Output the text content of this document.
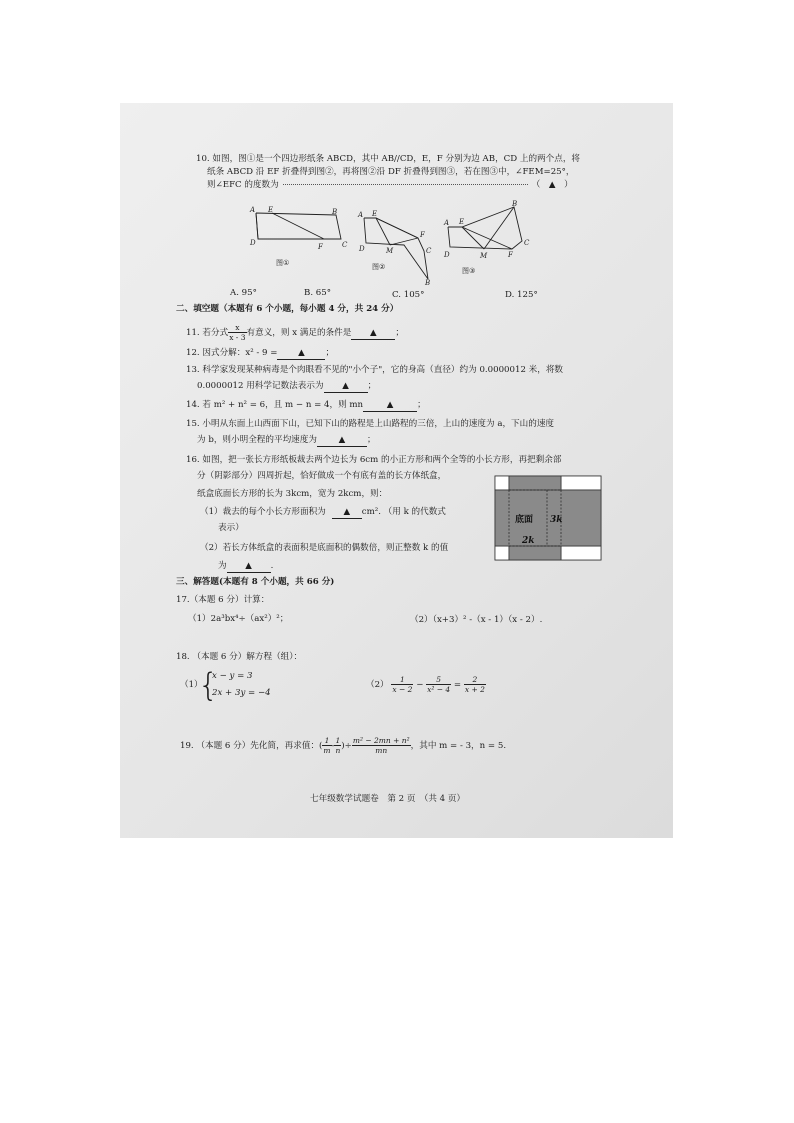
10. 如图，图①是一个四边形纸条 ABCD，其中 AB//CD，E，F 分别为边 AB，CD 上的两个点，将
纸条 ABCD 沿 EF 折叠得到图②，再将图②沿 DF 折叠得到图③，若在图③中，∠FEM=25°，
则∠EFC 的度数为	（　▲　）
A E	B
D	F	C
图①
A E
F
C
D	M
B
图②
B
A E
C
D	M	F
图③
A. 95°	B. 65°	C. 105°	D. 125°
二、填空题（本题有 6 个小题，每小题 4 分，共 24 分）
11. 若分式 $\frac{x}{x - 3}$ 有意义，则 x 满足的条件是 ▲ ；
12. 因式分解：x² - 9 = ▲ ；
13. 科学家发现某种病毒是个肉眼看不见的"小个子"，它的身高（直径）约为 0.0000012 米，将数
0.0000012 用科学记数法表示为 ▲ ；
14. 若 m² + n² = 6，且 m − n = 4，则 mn	▲	；
15. 小明从东面上山西面下山，已知下山的路程是上山路程的三倍，上山的速度为 a，下山的速度
为 b，则小明全程的平均速度为	▲	；
16. 如图，把一张长方形纸板裁去两个边长为 6cm 的小正方形和两个全等的小长方形，再把剩余部
分（阴影部分）四周折起，恰好做成一个有底有盖的长方体纸盒，
纸盒底面长方形的长为 3kcm，宽为 2kcm，则：
（1）裁去的每个小长方形面积为 ▲ cm². （用 k 的代数式
表示）
（2）若长方体纸盒的表面积是底面积的偶数倍，则正整数 k 的值
为 ▲ .
底面 3k
2k
三、解答题(本题有 8 个小题，共 66 分)
17.（本题 6 分）计算：
（1）2a³bx⁴÷（ax²）²；	（2）（x+3）² -（x - 1）（x - 2）.
18. （本题 6 分）解方程（组）：
（1）
{
x − y = 3
2x + 3y = −4
$(2) \frac{1}{x - 2} - \frac{5}{\text{x² − 4}} = \frac{2}{x + 2}$
19. （本题 6 分）先化简，再求值：( $\frac{1}{m} - \frac{1}{n}$ )÷ $\frac{\text{m² − 2mn + n²}}{mn}$ ，其中 m = - 3，n = 5.
七年级数学试题卷　第 2 页　（共 4 页）
